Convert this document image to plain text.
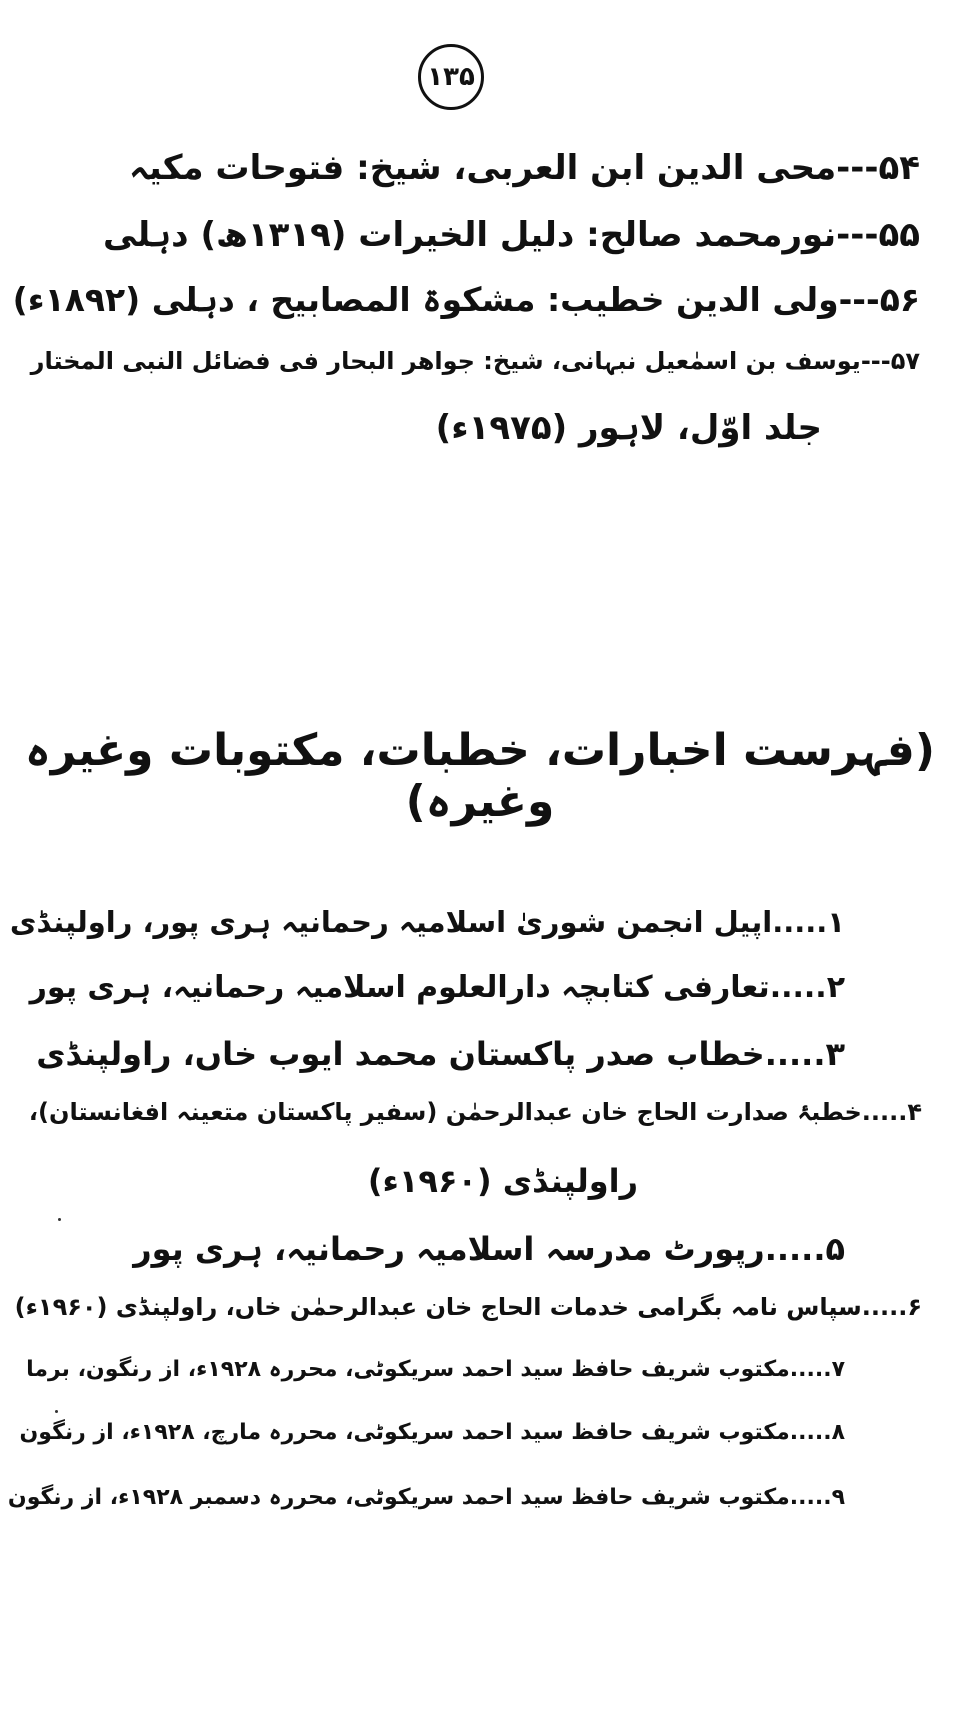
۱۳۵
۵۴---محی الدین ابن العربی، شیخ: فتوحات مکیہ
۵۵---نورمحمد صالح: دلیل الخیرات (۱۳۱۹ھ) دہلی
۵۶---ولی الدین خطیب: مشکوۃ المصابیح ، دہلی (۱۸۹۲ء)
۵۷---یوسف بن اسمٰعیل نبہانی، شیخ: جواھر البحار فی فضائل النبی المختار
جلد اوّل، لاہور (۱۹۷۵ء)
(فہرست اخبارات، خطبات، مکتوبات وغیرہ وغیرہ)
۱.....اپیل انجمن شوریٰ اسلامیہ رحمانیہ ہری پور، راولپنڈی
۲.....تعارفی کتابچہ دارالعلوم اسلامیہ رحمانیہ، ہری پور
۳.....خطاب صدر پاکستان محمد ایوب خاں، راولپنڈی
۴.....خطبۂ صدارت الحاج خان عبدالرحمٰن (سفیر پاکستان متعینہ افغانستان)،
راولپنڈی (۱۹۶۰ء)
۵.....رپورٹ مدرسہ اسلامیہ رحمانیہ، ہری پور
۶.....سپاس نامہ بگرامی خدمات الحاج خان عبدالرحمٰن خاں، راولپنڈی (۱۹۶۰ء)
۷.....مکتوب شریف حافظ سید احمد سریکوٹی، محررہ ۱۹۲۸ء، از رنگون، برما
۸.....مکتوب شریف حافظ سید احمد سریکوٹی، محررہ مارچ، ۱۹۲۸ء، از رنگون
۹.....مکتوب شریف حافظ سید احمد سریکوٹی، محررہ دسمبر ۱۹۲۸ء، از رنگون
